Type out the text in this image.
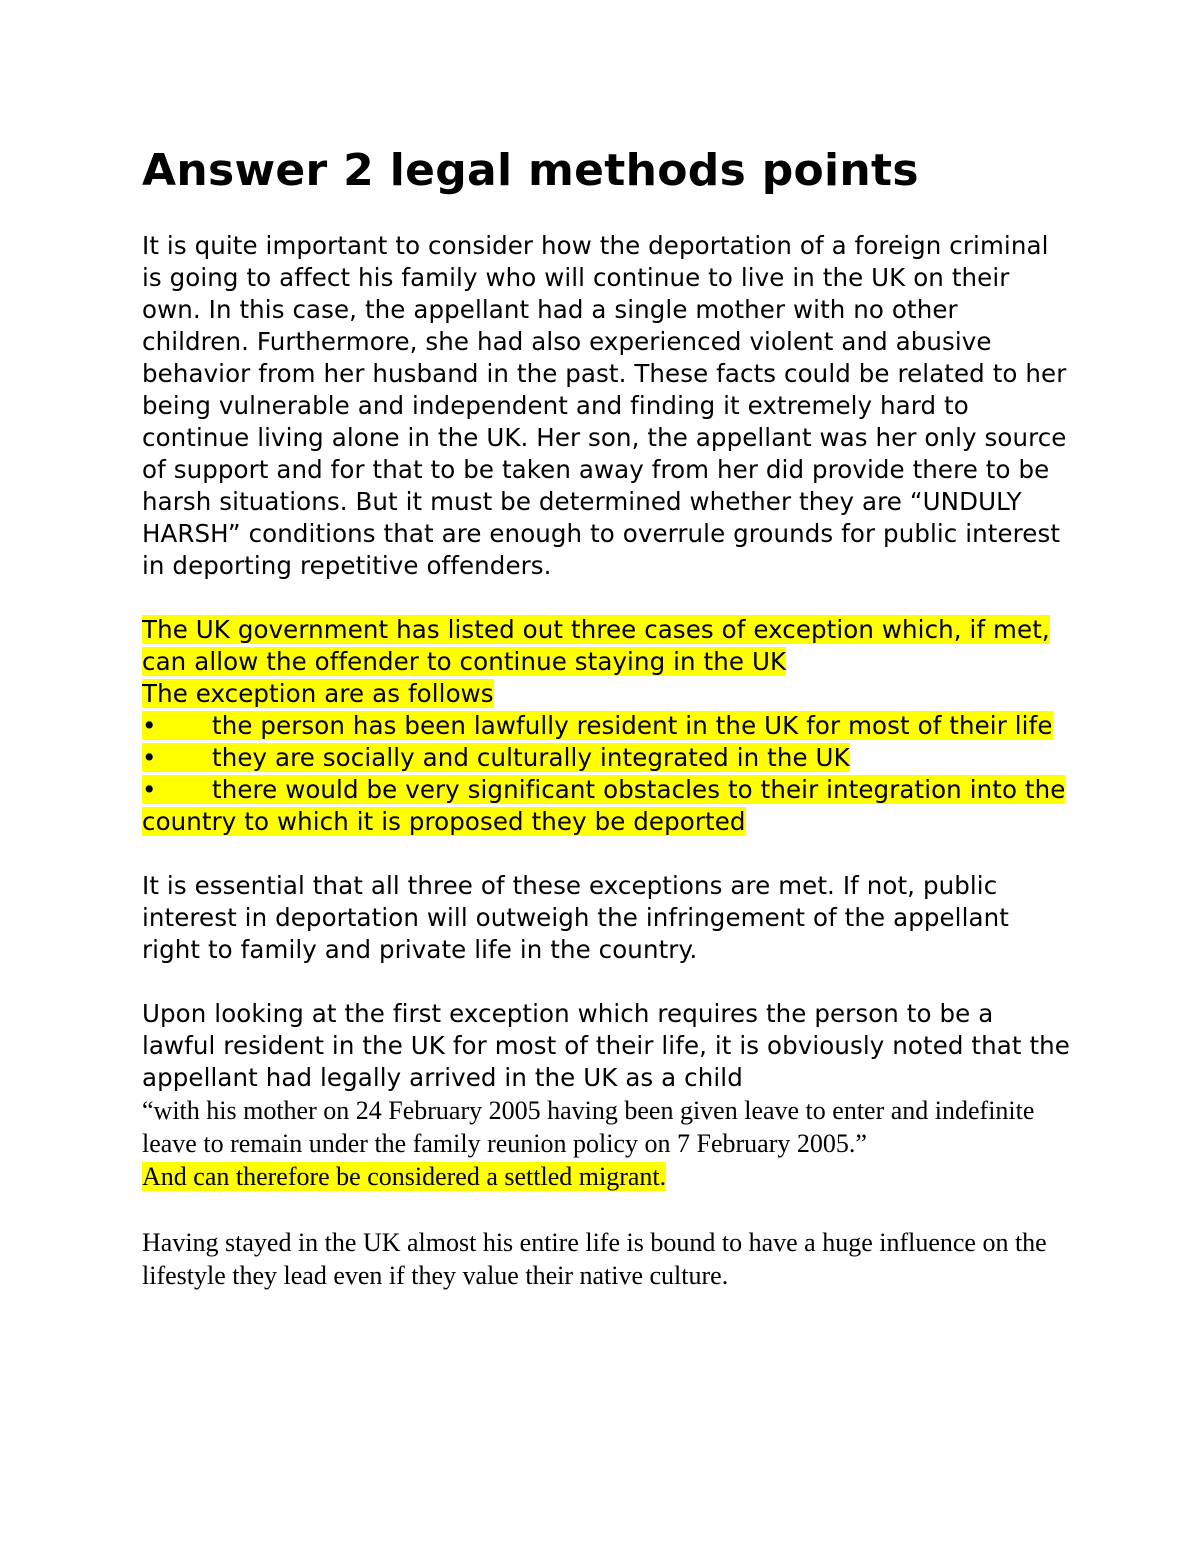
Answer 2 legal methods points

It is quite important to consider how the deportation of a foreign criminal is going to affect his family who will continue to live in the UK on their own. In this case, the appellant had a single mother with no other children. Furthermore, she had also experienced violent and abusive behavior from her husband in the past. These facts could be related to her being vulnerable and independent and finding it extremely hard to continue living alone in the UK. Her son, the appellant was her only source of support and for that to be taken away from her did provide there to be harsh situations. But it must be determined whether they are “UNDULY HARSH” conditions that are enough to overrule grounds for public interest in deporting repetitive offenders.

The UK government has listed out three cases of exception which, if met, can allow the offender to continue staying in the UK
The exception are as follows
• the person has been lawfully resident in the UK for most of their life
• they are socially and culturally integrated in the UK
• there would be very significant obstacles to their integration into the country to which it is proposed they be deported

It is essential that all three of these exceptions are met. If not, public interest in deportation will outweigh the infringement of the appellant right to family and private life in the country.

Upon looking at the first exception which requires the person to be a lawful resident in the UK for most of their life, it is obviously noted that the appellant had legally arrived in the UK as a child

“with his mother on 24 February 2005 having been given leave to enter and indefinite leave to remain under the family reunion policy on 7 February 2005.”
And can therefore be considered a settled migrant.

Having stayed in the UK almost his entire life is bound to have a huge influence on the lifestyle they lead even if they value their native culture.
